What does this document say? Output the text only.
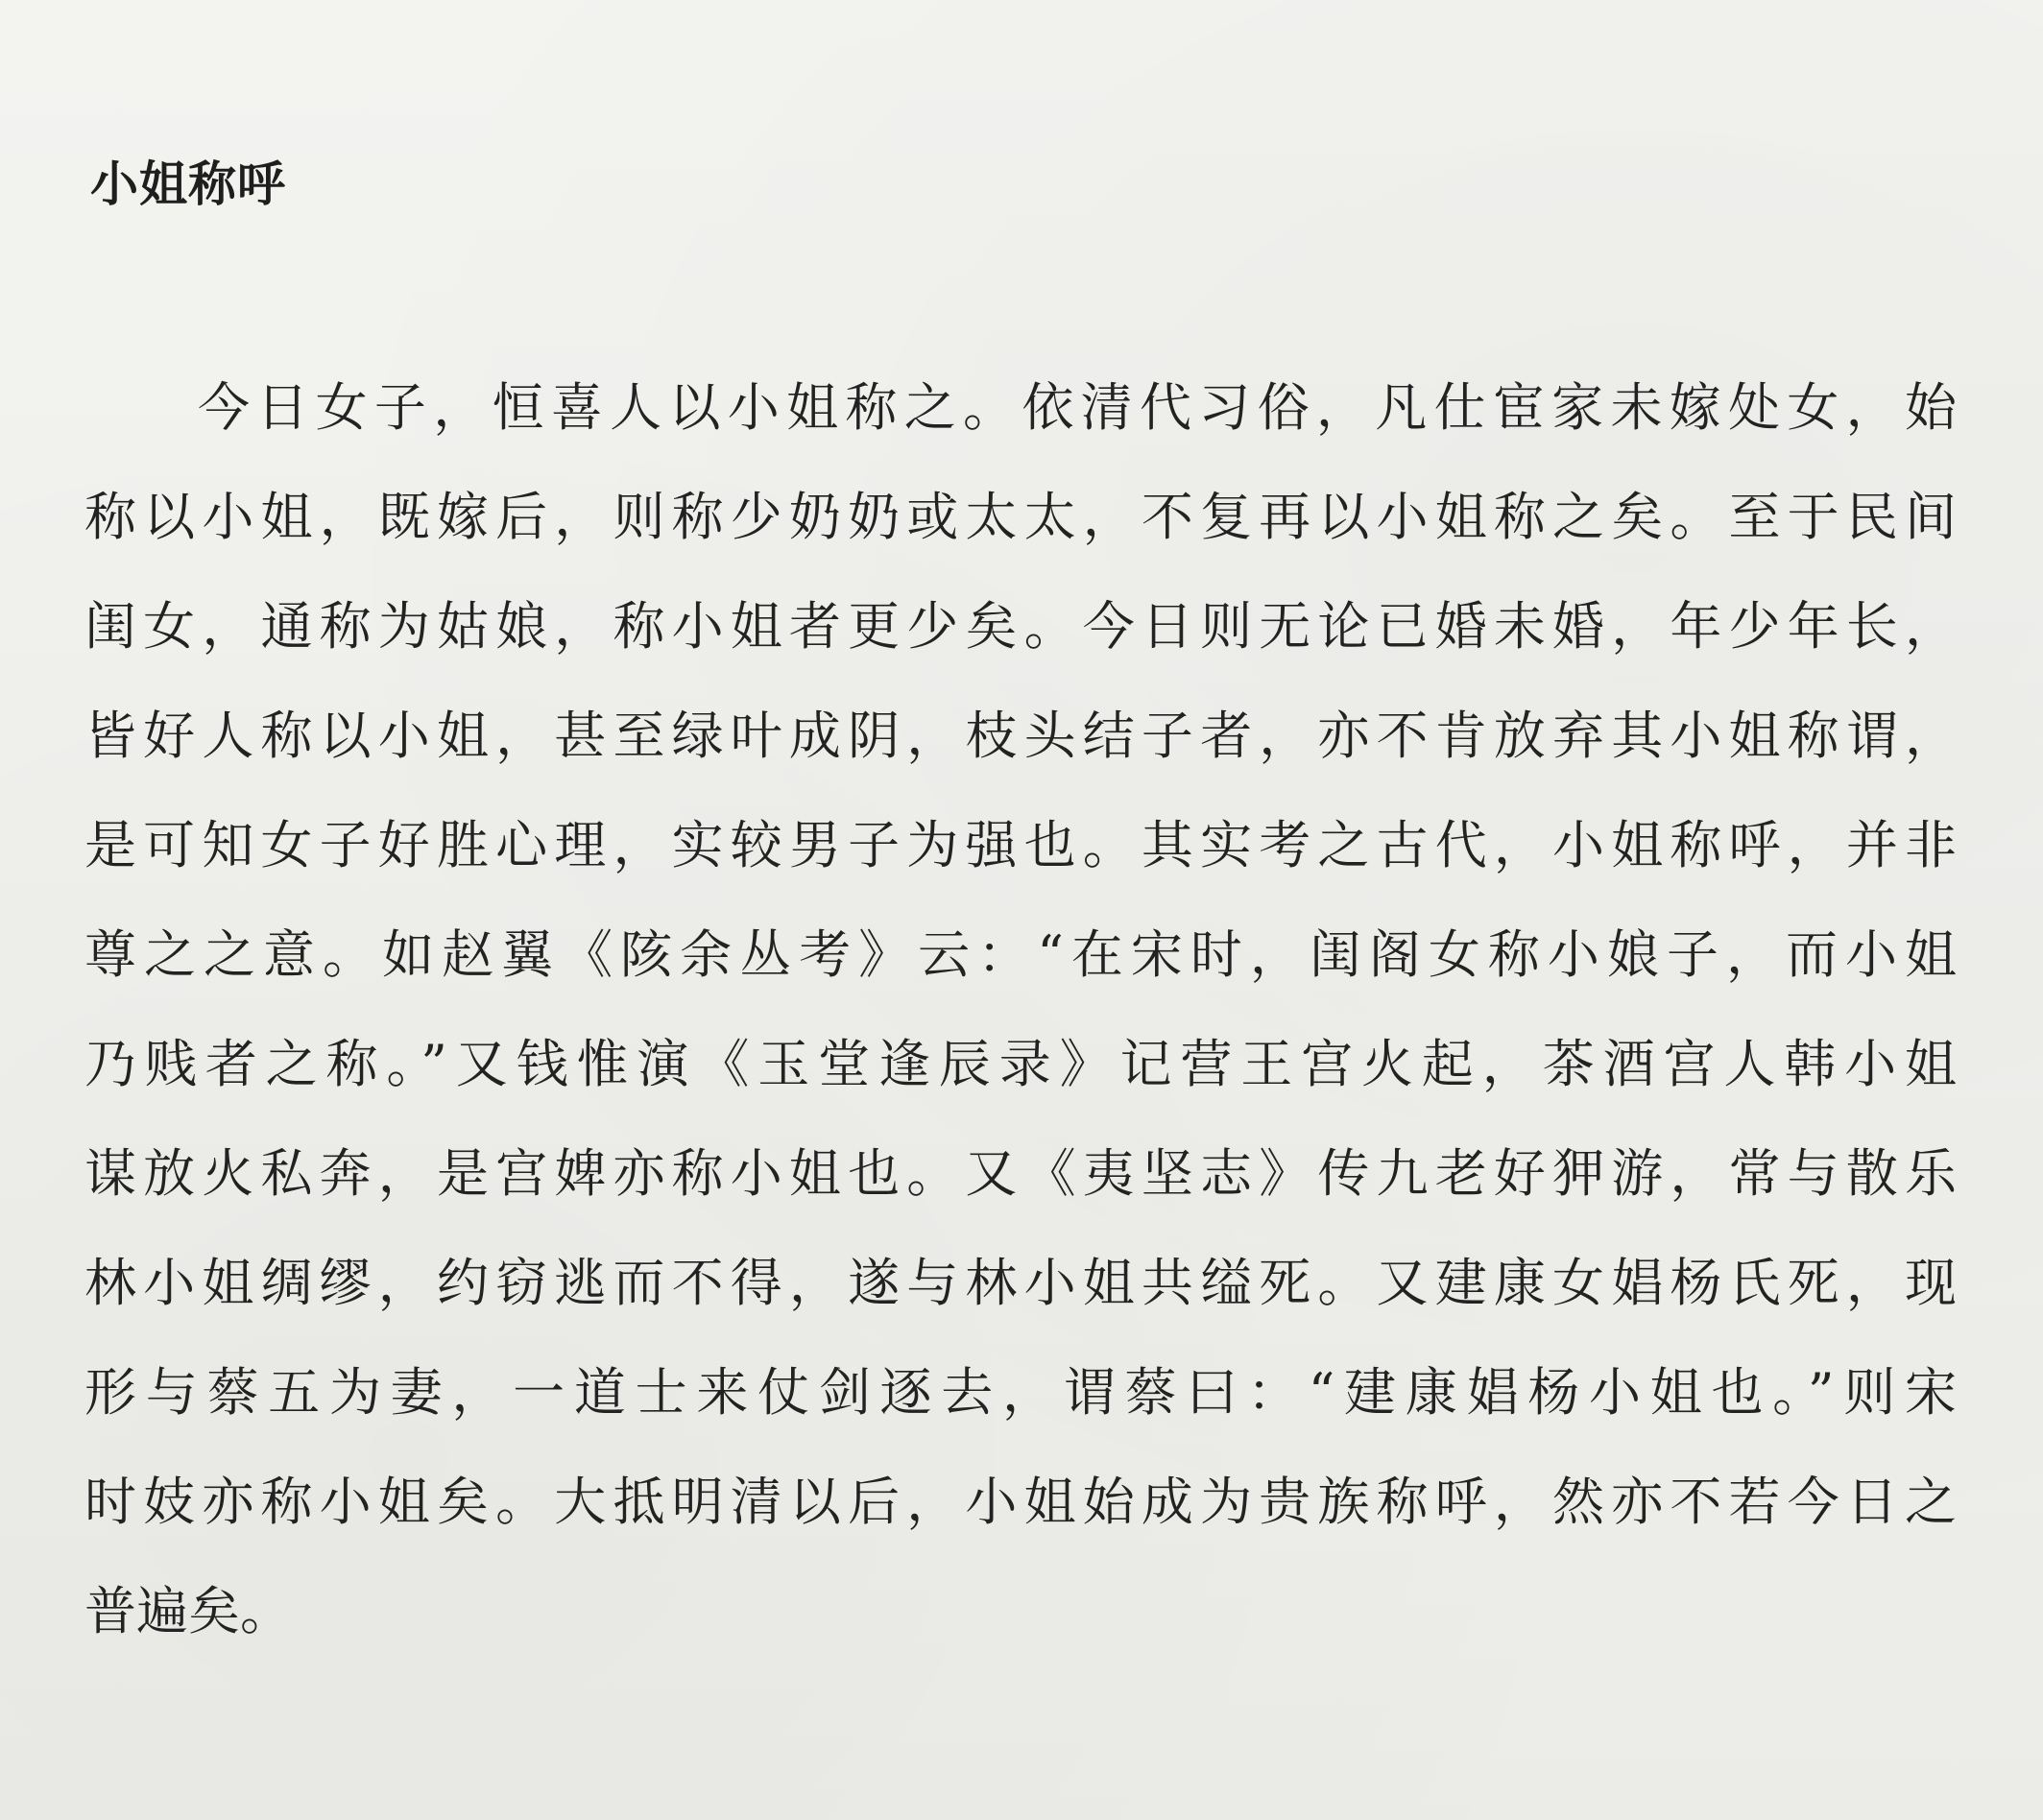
小姐称呼
今日女子，恒喜人以小姐称之。依清代习俗，凡仕宦家未嫁处女，始
称以小姐，既嫁后，则称少奶奶或太太，不复再以小姐称之矣。至于民间
闺女，通称为姑娘，称小姐者更少矣。今日则无论已婚未婚，年少年长，
皆好人称以小姐，甚至绿叶成阴，枝头结子者，亦不肯放弃其小姐称谓，
是可知女子好胜心理，实较男子为强也。其实考之古代，小姐称呼，并非
尊之之意。如赵翼《陔余丛考》云：“在宋时，闺阁女称小娘子，而小姐
乃贱者之称。”又钱惟演《玉堂逢辰录》记营王宫火起，茶酒宫人韩小姐
谋放火私奔，是宫婢亦称小姐也。又《夷坚志》传九老好狎游，常与散乐
林小姐绸缪，约窃逃而不得，遂与林小姐共缢死。又建康女娼杨氏死，现
形与蔡五为妻，一道士来仗剑逐去，谓蔡曰：“建康娼杨小姐也。”则宋
时妓亦称小姐矣。大抵明清以后，小姐始成为贵族称呼，然亦不若今日之
普遍矣。
